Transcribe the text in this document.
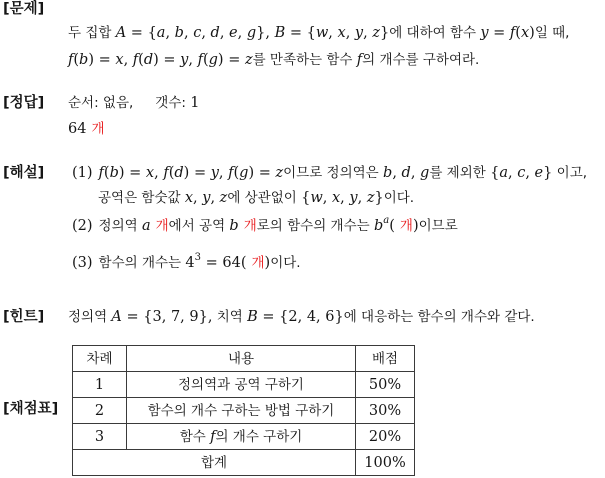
[문제]
두 집합  A = {a, b, c, d, e, g},  B = {w, x, y, z} 에 대하여 함수  y = f(x) 일 때,
f(b) = x, f(d) = y, f(g) = z 를 만족하는 함수  f 의 개수를 구하여라.
[정답] 순서: 없음, 갯수:  1
64 개
[해설] (1) f(b) = x, f(d) = y, f(g) = z 이므로 정의역은  b, d, g 를 제외한  {a, c, e}  이고,
공역은 함숫값  x, y, z 에 상관없이  {w, x, y, z} 이다.
(2) 정의역  a 개 에서 공역  b 개 로의 함수의 개수는  $b^a$ ( 개 ) 이므로
(3) 함수의 개수는  $4^3 = 64$( 개 ) 이다.
[힌트] 정의역  A = {3, 7, 9},  치역  B = {2, 4, 6} 에 대응하는 함수의 개수와 같다.
[채점표]
차례	내용	배점
1	정의역과 공역 구하기	50%
2	함수의 개수 구하는 방법 구하기	30%
3	함수 f의 개수 구하기	20%
합계		100%
